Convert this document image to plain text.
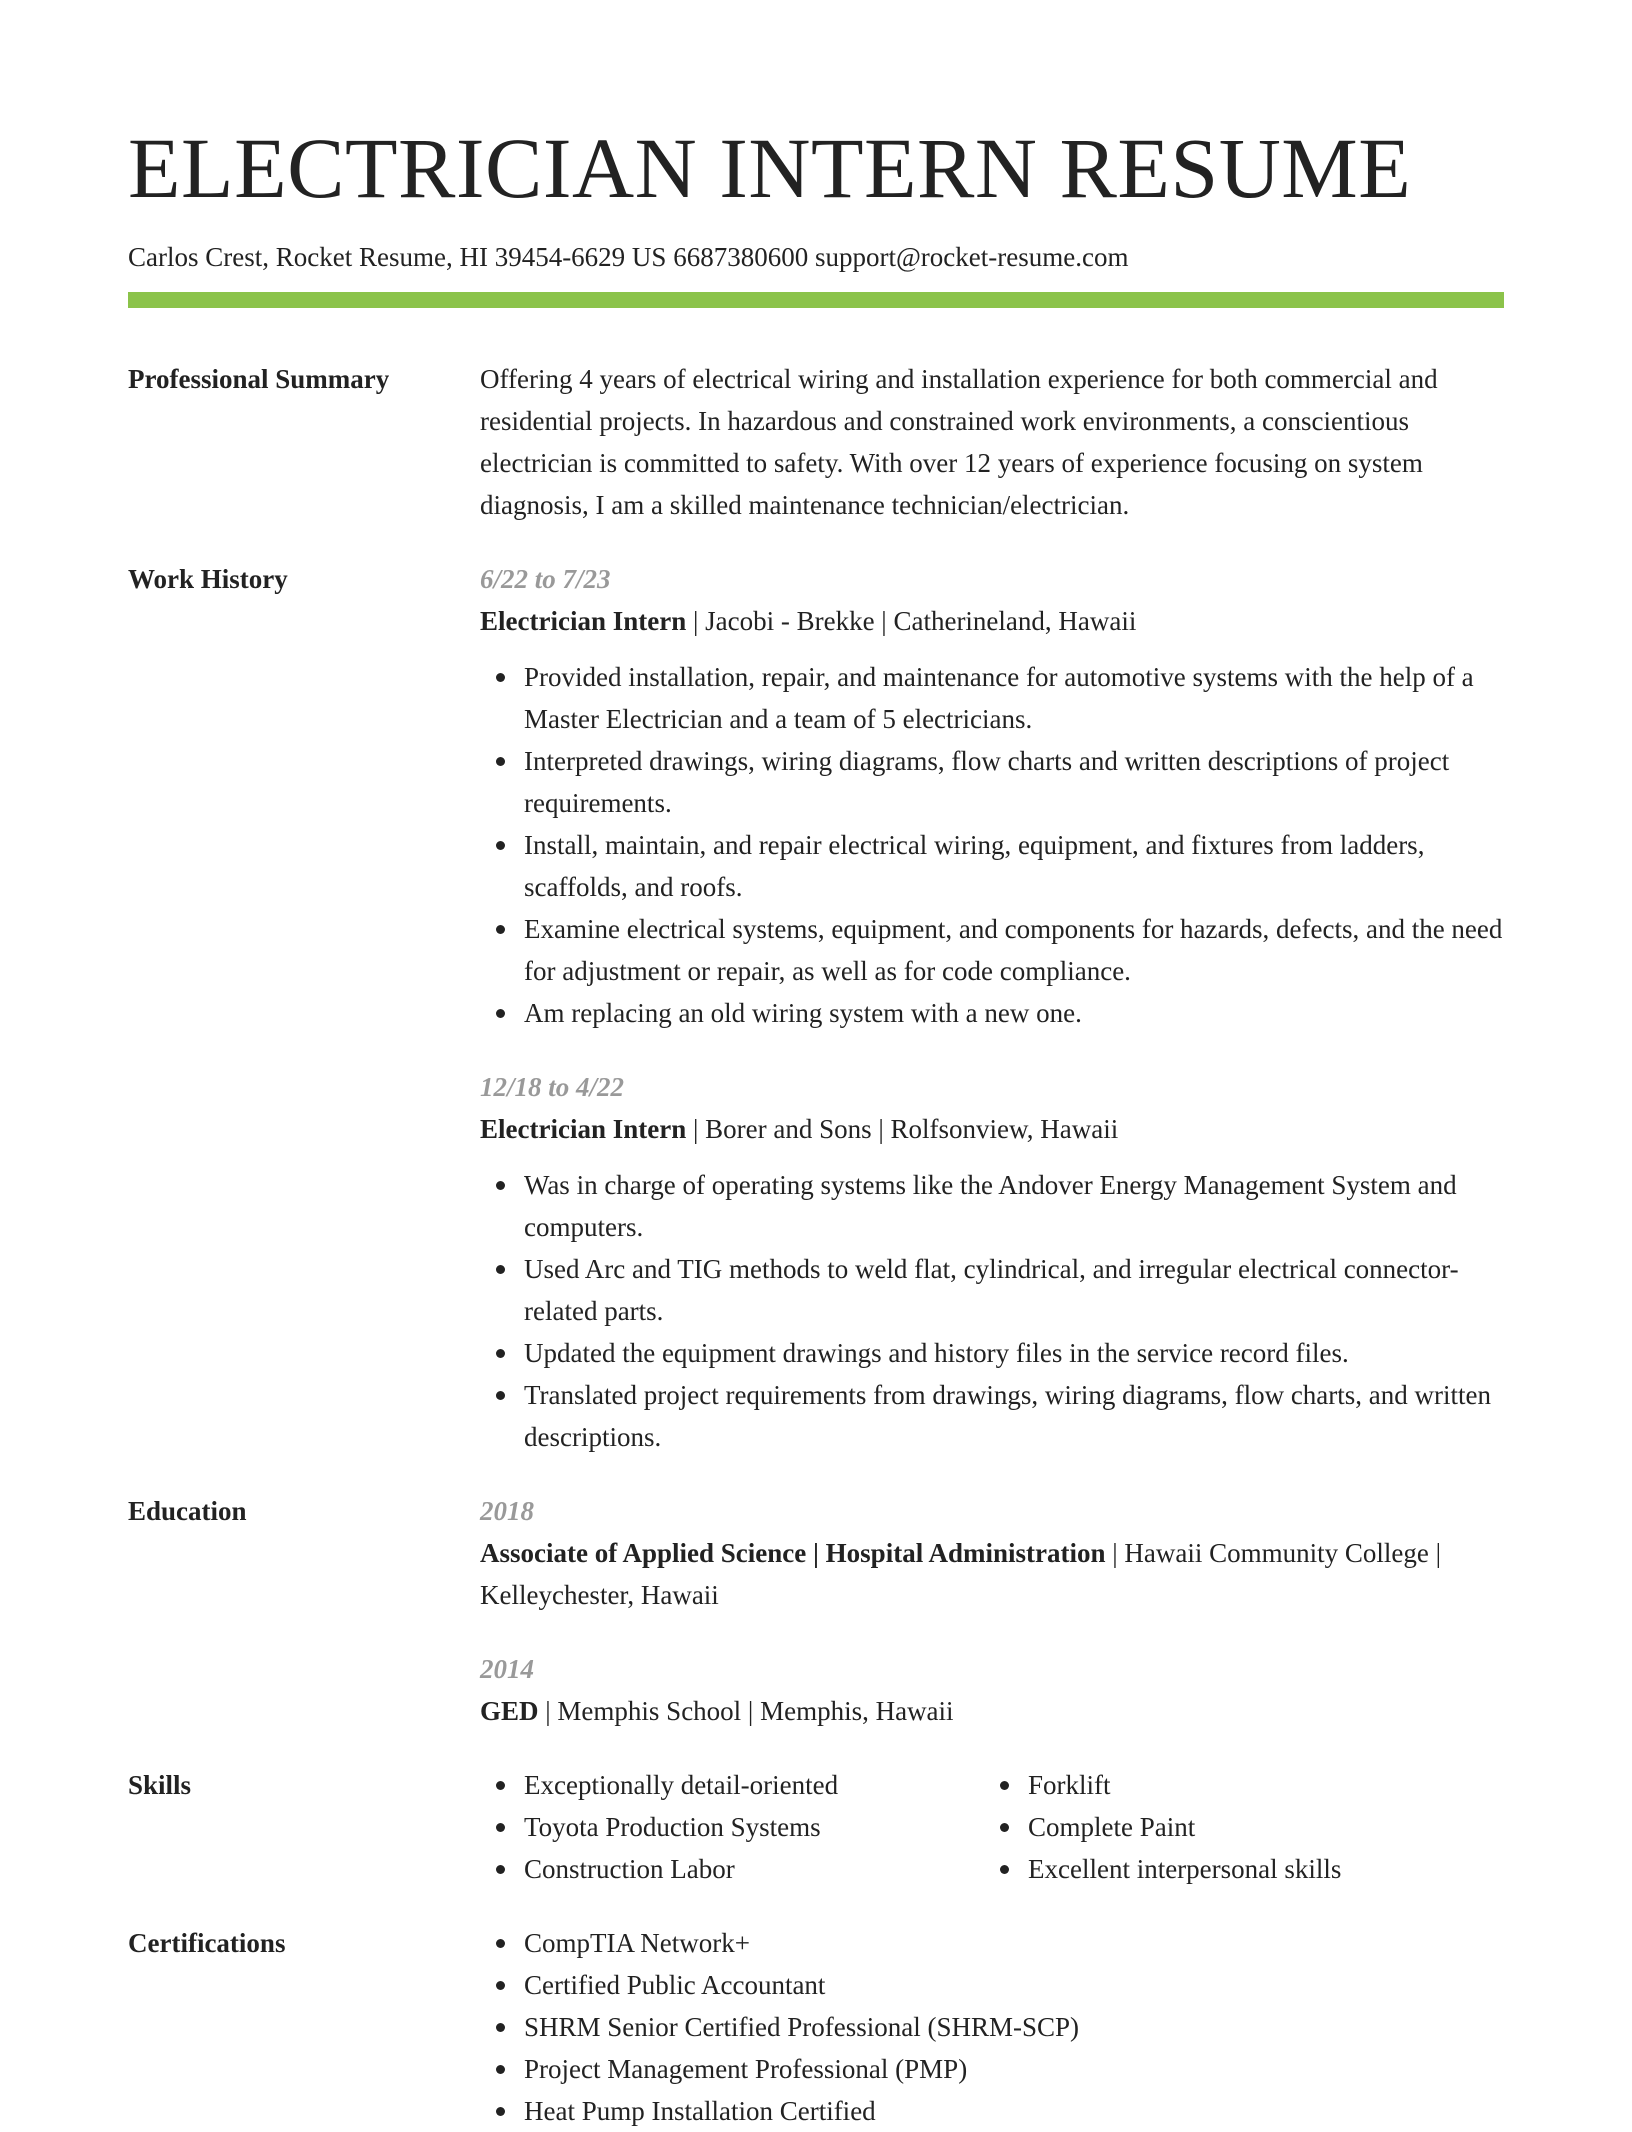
ELECTRICIAN INTERN RESUME
Carlos Crest, Rocket Resume, HI 39454-6629 US 6687380600 support@rocket-resume.com
Professional Summary	Offering 4 years of electrical wiring and installation experience for both commercial and residential projects. In hazardous and constrained work environments, a conscientious electrician is committed to safety. With over 12 years of experience focusing on system diagnosis, I am a skilled maintenance technician/electrician.
Work History	6/22 to 7/23
Electrician Intern | Jacobi - Brekke | Catherineland, Hawaii
Provided installation, repair, and maintenance for automotive systems with the help of a Master Electrician and a team of 5 electricians.
Interpreted drawings, wiring diagrams, flow charts and written descriptions of project requirements.
Install, maintain, and repair electrical wiring, equipment, and fixtures from ladders, scaffolds, and roofs.
Examine electrical systems, equipment, and components for hazards, defects, and the need for adjustment or repair, as well as for code compliance.
Am replacing an old wiring system with a new one.
12/18 to 4/22
Electrician Intern | Borer and Sons | Rolfsonview, Hawaii
Was in charge of operating systems like the Andover Energy Management System and computers.
Used Arc and TIG methods to weld flat, cylindrical, and irregular electrical connector-related parts.
Updated the equipment drawings and history files in the service record files.
Translated project requirements from drawings, wiring diagrams, flow charts, and written descriptions.
Education	2018
Associate of Applied Science | Hospital Administration | Hawaii Community College | Kelleychester, Hawaii
2014
GED | Memphis School | Memphis, Hawaii
Skills	Exceptionally detail-oriented
Toyota Production Systems
Construction Labor
Forklift
Complete Paint
Excellent interpersonal skills
Certifications	CompTIA Network+
Certified Public Accountant
SHRM Senior Certified Professional (SHRM-SCP)
Project Management Professional (PMP)
Heat Pump Installation Certified
